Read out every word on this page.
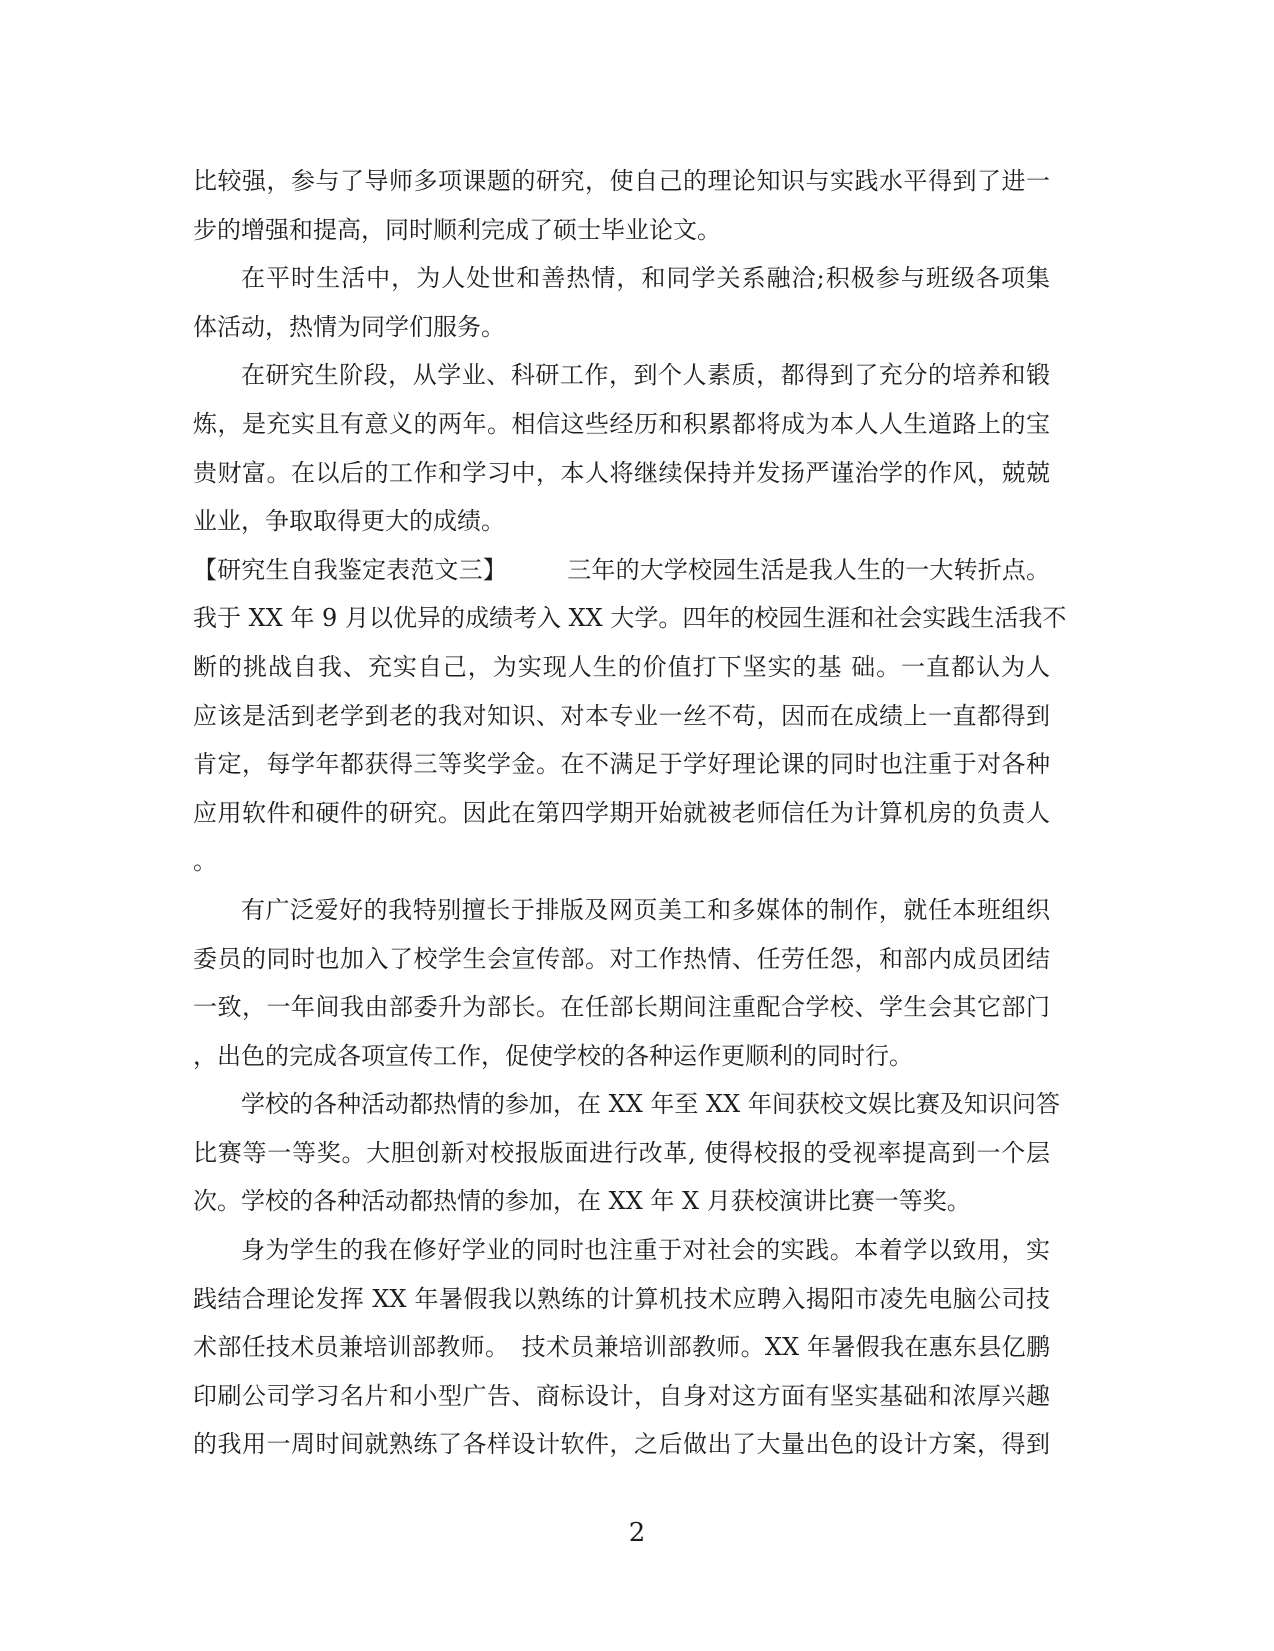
比较强，参与了导师多项课题的研究，使自己的理论知识与实践水平得到了进一
步的增强和提高，同时顺利完成了硕士毕业论文。
在平时生活中，为人处世和善热情，和同学关系融洽;积极参与班级各项集
体活动，热情为同学们服务。
在研究生阶段，从学业、科研工作，到个人素质，都得到了充分的培养和锻
炼，是充实且有意义的两年。相信这些经历和积累都将成为本人人生道路上的宝
贵财富。在以后的工作和学习中，本人将继续保持并发扬严谨治学的作风，兢兢
业业，争取取得更大的成绩。
【研究生自我鉴定表范文三】　　　三年的大学校园生活是我人生的一大转折点。
我于 XX 年 9 月以优异的成绩考入 XX 大学。四年的校园生涯和社会实践生活我不
断的挑战自我、充实自己，为实现人生的价值打下坚实的基 础。一直都认为人
应该是活到老学到老的我对知识、对本专业一丝不苟，因而在成绩上一直都得到
肯定，每学年都获得三等奖学金。在不满足于学好理论课的同时也注重于对各种
应用软件和硬件的研究。因此在第四学期开始就被老师信任为计算机房的负责人
。
有广泛爱好的我特别擅长于排版及网页美工和多媒体的制作，就任本班组织
委员的同时也加入了校学生会宣传部。对工作热情、任劳任怨，和部内成员团结
一致，一年间我由部委升为部长。在任部长期间注重配合学校、学生会其它部门
，出色的完成各项宣传工作，促使学校的各种运作更顺利的同时行。
学校的各种活动都热情的参加，在 XX 年至 XX 年间获校文娱比赛及知识问答
比赛等一等奖。大胆创新对校报版面进行改革, 使得校报的受视率提高到一个层
次。学校的各种活动都热情的参加，在 XX 年 X 月获校演讲比赛一等奖。
身为学生的我在修好学业的同时也注重于对社会的实践。本着学以致用，实
践结合理论发挥 XX 年暑假我以熟练的计算机技术应聘入揭阳市凌先电脑公司技
术部任技术员兼培训部教师。　技术员兼培训部教师。XX 年暑假我在惠东县亿鹏
印刷公司学习名片和小型广告、商标设计，自身对这方面有坚实基础和浓厚兴趣
的我用一周时间就熟练了各样设计软件，之后做出了大量出色的设计方案，得到
2
